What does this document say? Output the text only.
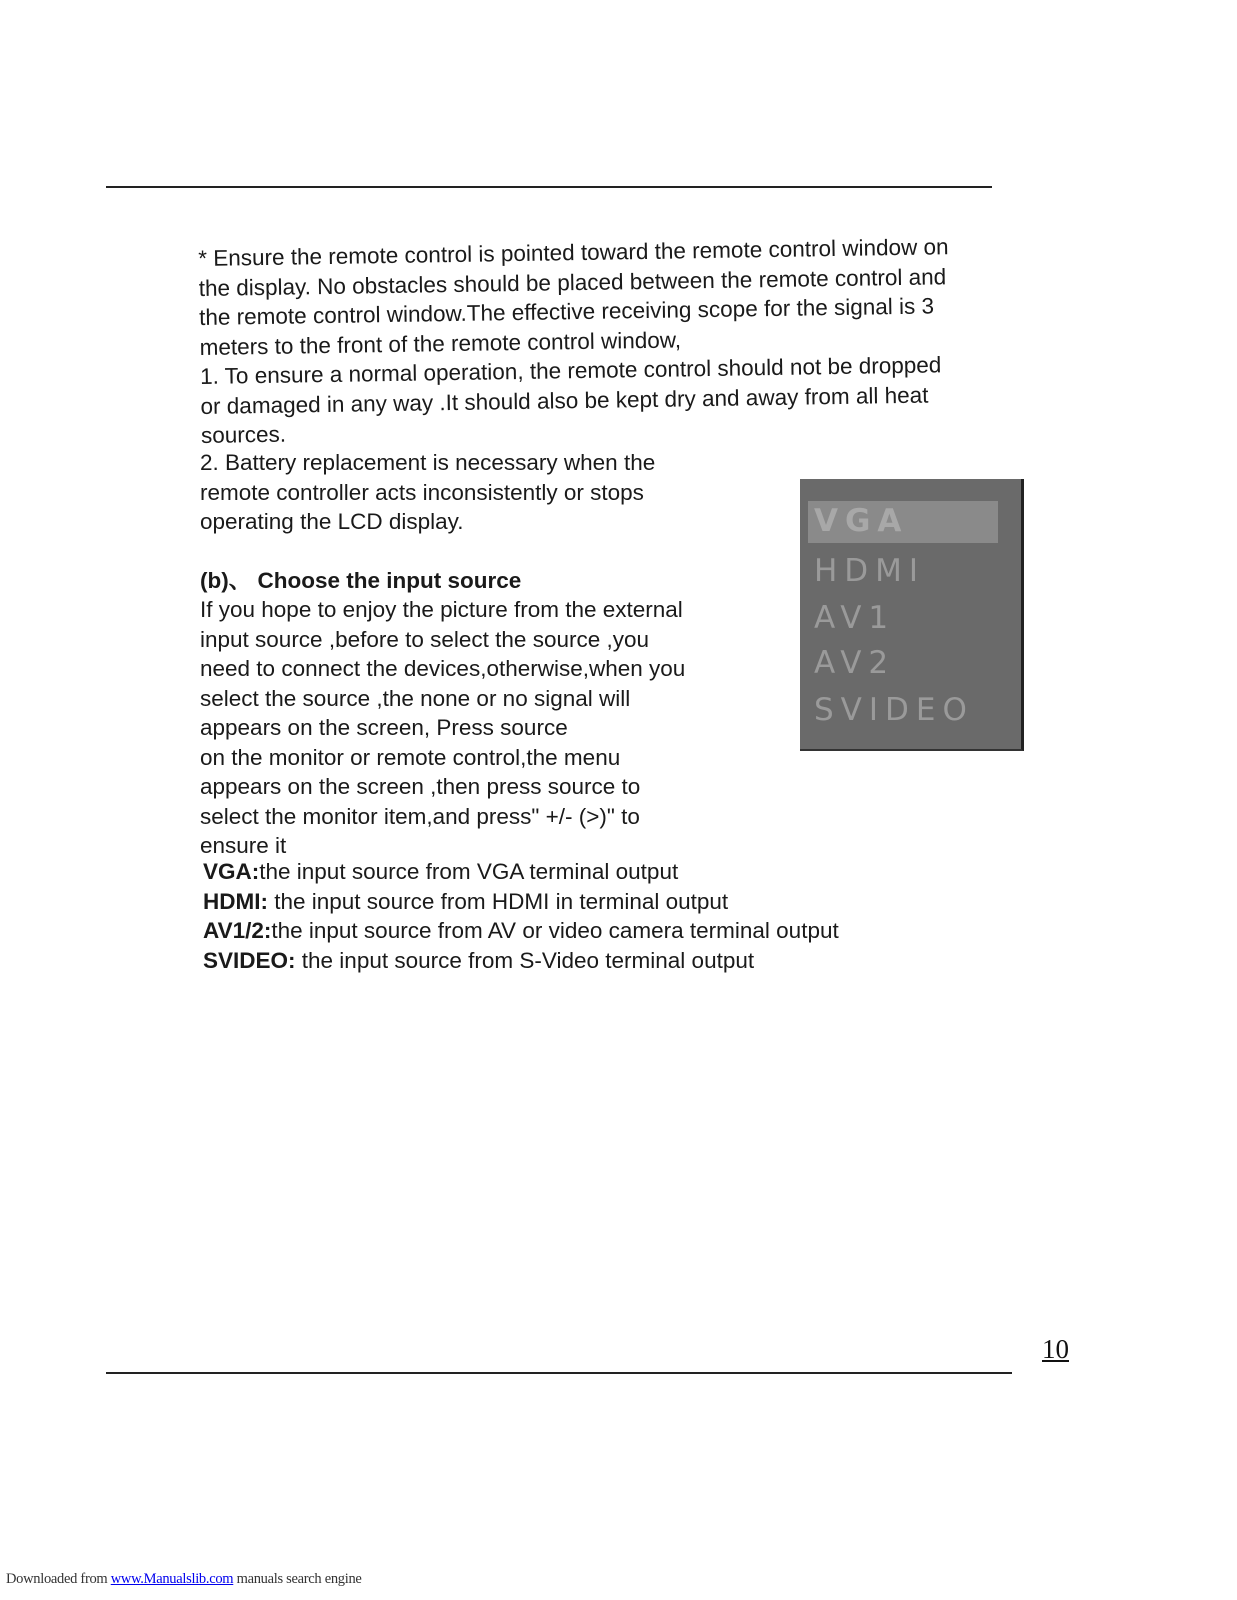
* Ensure the remote control is pointed toward the remote control window on

the display. No obstacles should be placed between the remote control and

the remote control window.The effective receiving scope for the signal is 3

meters to the front of the remote control window,

1. To ensure a normal operation, the remote control should not be dropped

or damaged in any way .It should also be kept dry and away from all heat

sources.

2. Battery replacement is necessary when the

remote controller acts inconsistently or stops

operating the LCD display.

(b)、 Choose the input source

If you hope to enjoy the picture from the external

input source ,before to select the source ,you

need to connect the devices,otherwise,when you

select the source ,the none or no signal will

appears on the screen, Press source

on the monitor or remote control,the menu

appears on the screen ,then press source to

select the monitor item,and press" +/- (>)" to

ensure it

VGA:the input source from VGA terminal output

HDMI: the input source from HDMI in terminal output

AV1/2:the input source from AV or video camera terminal output

SVIDEO: the input source from S-Video terminal output

VGA
HDMI
AV1
AV2
SVIDEO
10
Downloaded from www.Manualslib.com manuals search engine
